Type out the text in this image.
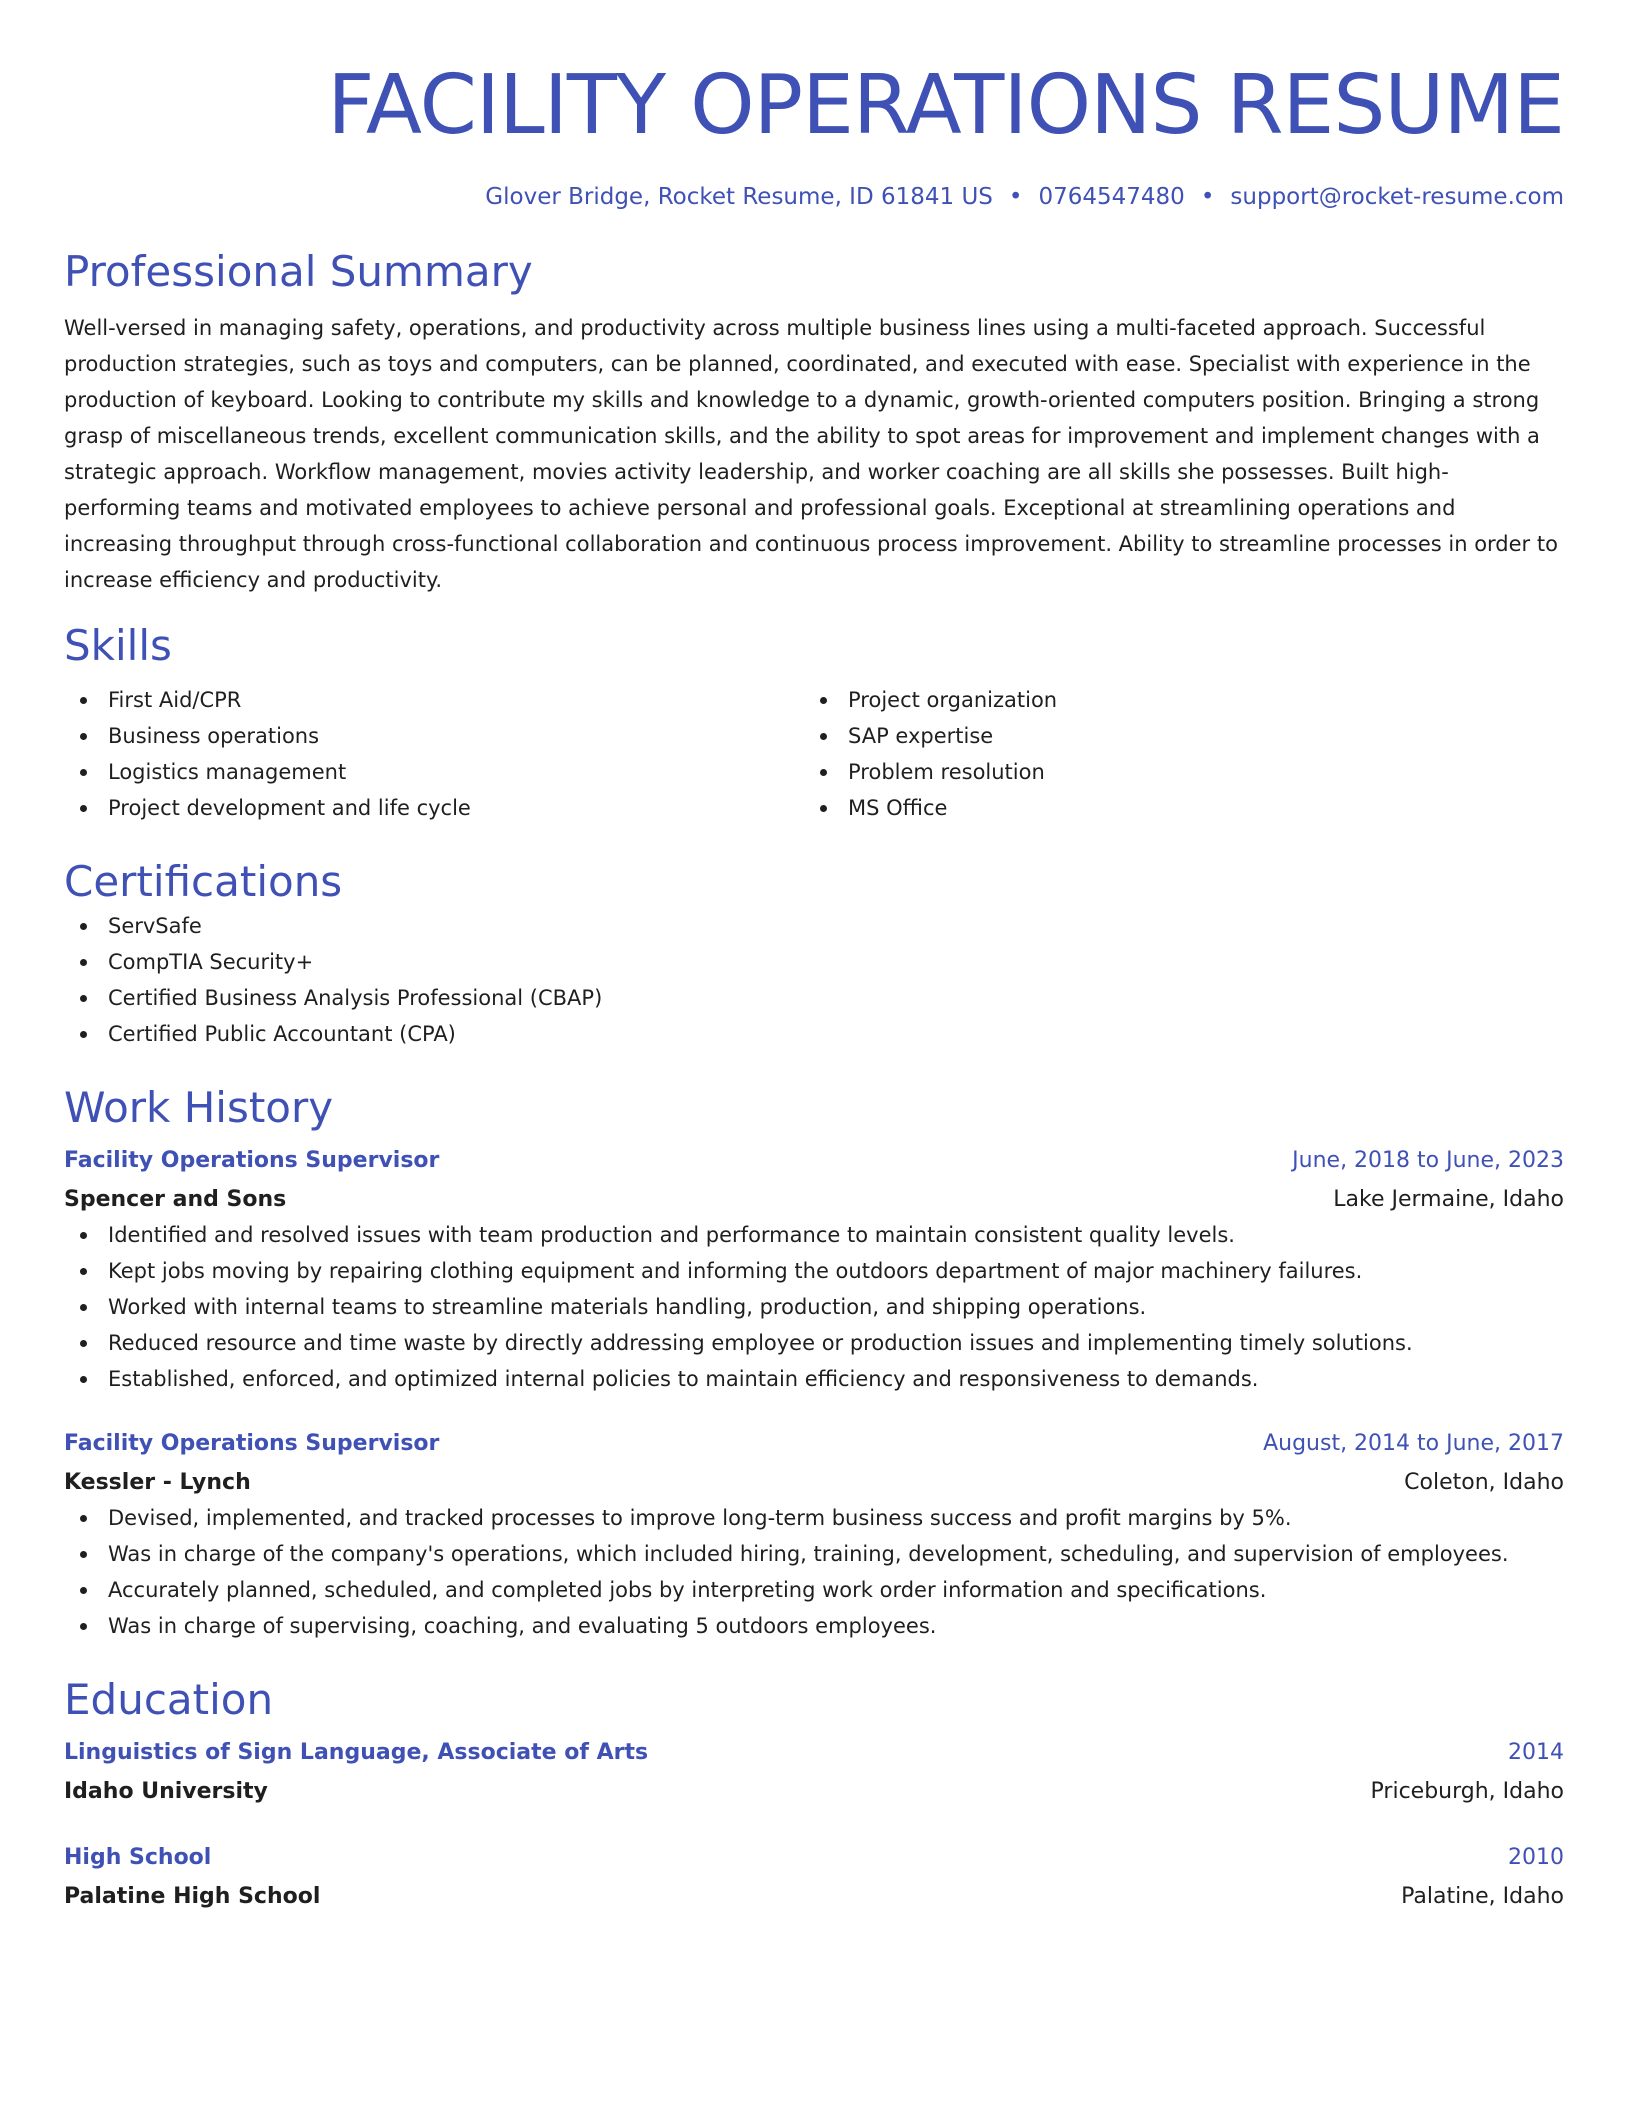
FACILITY OPERATIONS RESUME
Glover Bridge, Rocket Resume, ID 61841 US • 0764547480 • support@rocket-resume.com
Professional Summary

Well-versed in managing safety, operations, and productivity across multiple business lines using a multi-faceted approach. Successful production strategies, such as toys and computers, can be planned, coordinated, and executed with ease. Specialist with experience in the production of keyboard. Looking to contribute my skills and knowledge to a dynamic, growth-oriented computers position. Bringing a strong grasp of miscellaneous trends, excellent communication skills, and the ability to spot areas for improvement and implement changes with a strategic approach. Workflow management, movies activity leadership, and worker coaching are all skills she possesses. Built high-performing teams and motivated employees to achieve personal and professional goals. Exceptional at streamlining operations and increasing throughput through cross-functional collaboration and continuous process improvement. Ability to streamline processes in order to increase efficiency and productivity.

Skills
First Aid/CPR
Business operations
Logistics management
Project development and life cycle
Project organization
SAP expertise
Problem resolution
MS Office
Certifications
ServSafe
CompTIA Security+
Certified Business Analysis Professional (CBAP)
Certified Public Accountant (CPA)
Work History
Facility Operations Supervisor	June, 2018 to June, 2023
Spencer and Sons	Lake Jermaine, Idaho
Identified and resolved issues with team production and performance to maintain consistent quality levels.
Kept jobs moving by repairing clothing equipment and informing the outdoors department of major machinery failures.
Worked with internal teams to streamline materials handling, production, and shipping operations.
Reduced resource and time waste by directly addressing employee or production issues and implementing timely solutions.
Established, enforced, and optimized internal policies to maintain efficiency and responsiveness to demands.
Facility Operations Supervisor	August, 2014 to June, 2017
Kessler - Lynch	Coleton, Idaho
Devised, implemented, and tracked processes to improve long-term business success and profit margins by 5%.
Was in charge of the company's operations, which included hiring, training, development, scheduling, and supervision of employees.
Accurately planned, scheduled, and completed jobs by interpreting work order information and specifications.
Was in charge of supervising, coaching, and evaluating 5 outdoors employees.
Education
Linguistics of Sign Language, Associate of Arts	2014
Idaho University	Priceburgh, Idaho
High School	2010
Palatine High School	Palatine, Idaho
